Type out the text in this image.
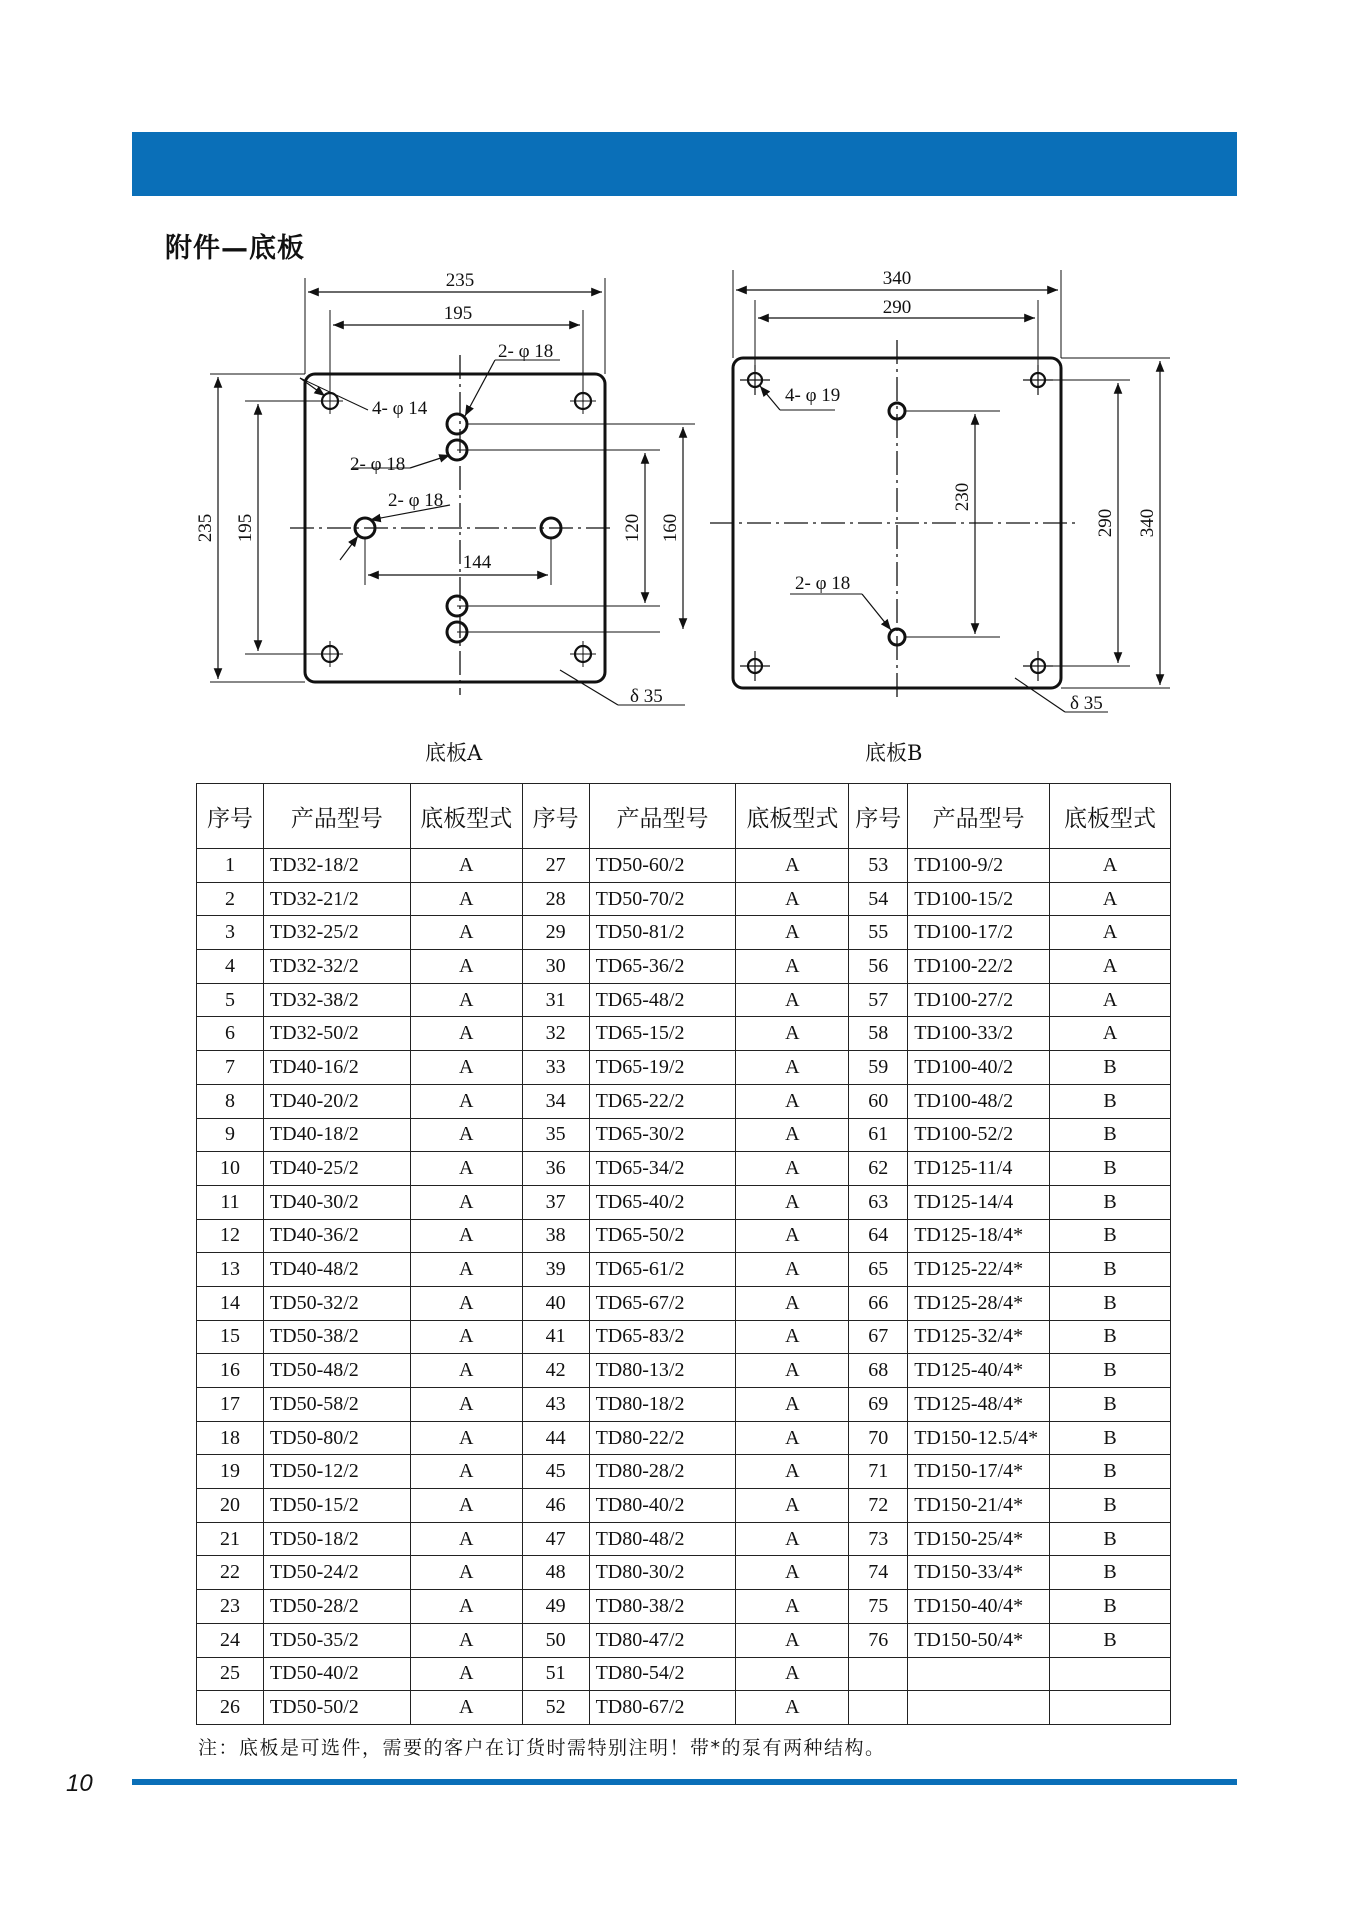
附件—底板
235
195
2- φ 18
4- φ 14
2- φ 18
2- φ 18
144
235 195	120 160
δ 35
340
290
4- φ 19
2- φ 18
230
290 340
δ 35
底板A	底板B
序号	产品型号	底板型式	序号	产品型号	底板型式	序号	产品型号	底板型式
1	TD32-18/2	A	27	TD50-60/2	A	53	TD100-9/2	A
2	TD32-21/2	A	28	TD50-70/2	A	54	TD100-15/2	A
3	TD32-25/2	A	29	TD50-81/2	A	55	TD100-17/2	A
4	TD32-32/2	A	30	TD65-36/2	A	56	TD100-22/2	A
5	TD32-38/2	A	31	TD65-48/2	A	57	TD100-27/2	A
6	TD32-50/2	A	32	TD65-15/2	A	58	TD100-33/2	A
7	TD40-16/2	A	33	TD65-19/2	A	59	TD100-40/2	B
8	TD40-20/2	A	34	TD65-22/2	A	60	TD100-48/2	B
9	TD40-18/2	A	35	TD65-30/2	A	61	TD100-52/2	B
10	TD40-25/2	A	36	TD65-34/2	A	62	TD125-11/4	B
11	TD40-30/2	A	37	TD65-40/2	A	63	TD125-14/4	B
12	TD40-36/2	A	38	TD65-50/2	A	64	TD125-18/4*	B
13	TD40-48/2	A	39	TD65-61/2	A	65	TD125-22/4*	B
14	TD50-32/2	A	40	TD65-67/2	A	66	TD125-28/4*	B
15	TD50-38/2	A	41	TD65-83/2	A	67	TD125-32/4*	B
16	TD50-48/2	A	42	TD80-13/2	A	68	TD125-40/4*	B
17	TD50-58/2	A	43	TD80-18/2	A	69	TD125-48/4*	B
18	TD50-80/2	A	44	TD80-22/2	A	70	TD150-12.5/4*	B
19	TD50-12/2	A	45	TD80-28/2	A	71	TD150-17/4*	B
20	TD50-15/2	A	46	TD80-40/2	A	72	TD150-21/4*	B
21	TD50-18/2	A	47	TD80-48/2	A	73	TD150-25/4*	B
22	TD50-24/2	A	48	TD80-30/2	A	74	TD150-33/4*	B
23	TD50-28/2	A	49	TD80-38/2	A	75	TD150-40/4*	B
24	TD50-35/2	A	50	TD80-47/2	A	76	TD150-50/4*	B
25	TD50-40/2	A	51	TD80-54/2	A			
26	TD50-50/2	A	52	TD80-67/2	A			
注：底板是可选件，需要的客户在订货时需特别注明！带*的泵有两种结构。
10
